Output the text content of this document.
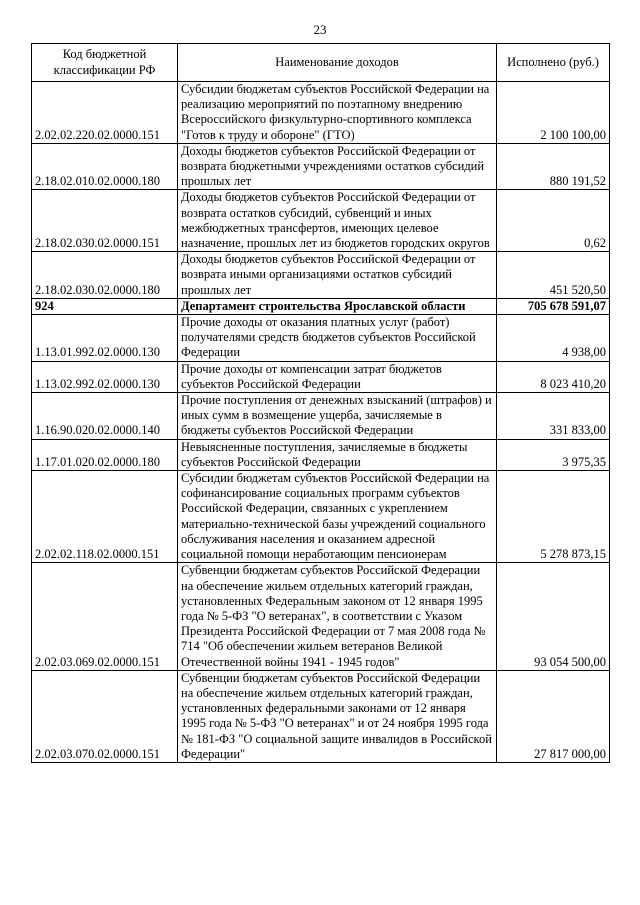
23
Код бюджетной классификации РФ	Наименование доходов	Исполнено (руб.)
2.02.02.220.02.0000.151	Субсидии бюджетам субъектов Российской Федерации на реализацию мероприятий по поэтапному внедрению Всероссийского физкультурно-спортивного комплекса "Готов к труду и обороне" (ГТО)	2 100 100,00
2.18.02.010.02.0000.180	Доходы бюджетов субъектов Российской Федерации от возврата бюджетными учреждениями остатков субсидий прошлых лет	880 191,52
2.18.02.030.02.0000.151	Доходы бюджетов субъектов Российской Федерации от возврата остатков субсидий, субвенций и иных межбюджетных трансфертов, имеющих целевое назначение, прошлых лет из бюджетов городских округов	0,62
2.18.02.030.02.0000.180	Доходы бюджетов субъектов Российской Федерации от возврата иными организациями остатков субсидий прошлых лет	451 520,50
924	Департамент строительства Ярославской области	705 678 591,07
1.13.01.992.02.0000.130	Прочие доходы от оказания платных услуг (работ) получателями средств бюджетов субъектов Российской Федерации	4 938,00
1.13.02.992.02.0000.130	Прочие доходы от компенсации затрат бюджетов субъектов Российской Федерации	8 023 410,20
1.16.90.020.02.0000.140	Прочие поступления от денежных взысканий (штрафов) и иных сумм в возмещение ущерба, зачисляемые в бюджеты субъектов Российской Федерации	331 833,00
1.17.01.020.02.0000.180	Невыясненные поступления, зачисляемые в бюджеты субъектов Российской Федерации	3 975,35
2.02.02.118.02.0000.151	Субсидии бюджетам субъектов Российской Федерации на софинансирование социальных программ субъектов Российской Федерации, связанных с укреплением материально-технической базы учреждений социального обслуживания населения и оказанием адресной социальной помощи неработающим пенсионерам	5 278 873,15
2.02.03.069.02.0000.151	Субвенции бюджетам субъектов Российской Федерации на обеспечение жильем отдельных категорий граждан, установленных Федеральным законом от 12 января 1995 года № 5-ФЗ "О ветеранах", в соответствии с Указом Президента Российской Федерации от 7 мая 2008 года № 714 "Об обеспечении жильем ветеранов Великой Отечественной войны 1941 - 1945 годов"	93 054 500,00
2.02.03.070.02.0000.151	Субвенции бюджетам субъектов Российской Федерации на обеспечение жильем отдельных категорий граждан, установленных федеральными законами от 12 января 1995 года № 5-ФЗ "О ветеранах" и от 24 ноября 1995 года № 181-ФЗ "О социальной защите инвалидов в Российской Федерации"	27 817 000,00
